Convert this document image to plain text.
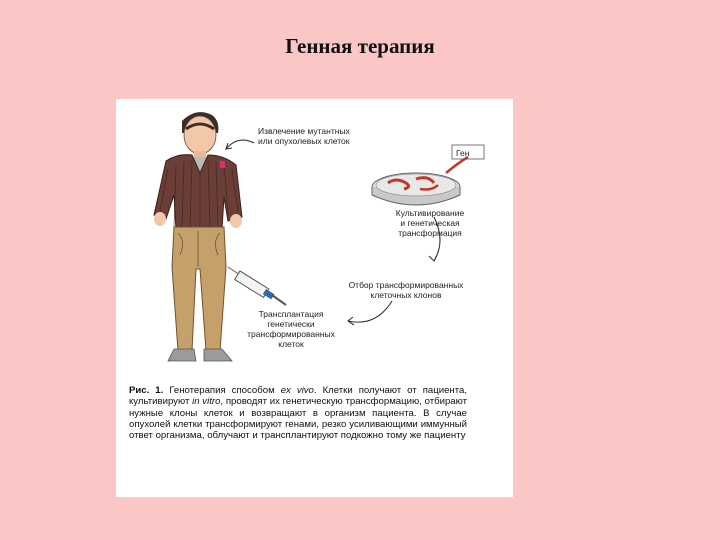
Генная терапия
Извлечение мутантных
или опухолевых клеток
Ген
Культивирование
и генетическая
трансформация
Отбор трансформированных
клеточных клонов
Трансплантация
генетически
трансформированных
клеток
Рис. 1. Генотерапия способом ex vivo. Клетки получают от пациента, культивируют in vitro, проводят их генетическую трансформацию, отбирают нужные клоны клеток и возвращают в организм пациента. В случае опухолей клетки трансформируют генами, резко усиливающими иммунный ответ организма, облучают и трансплантируют подкожно тому же пациенту
